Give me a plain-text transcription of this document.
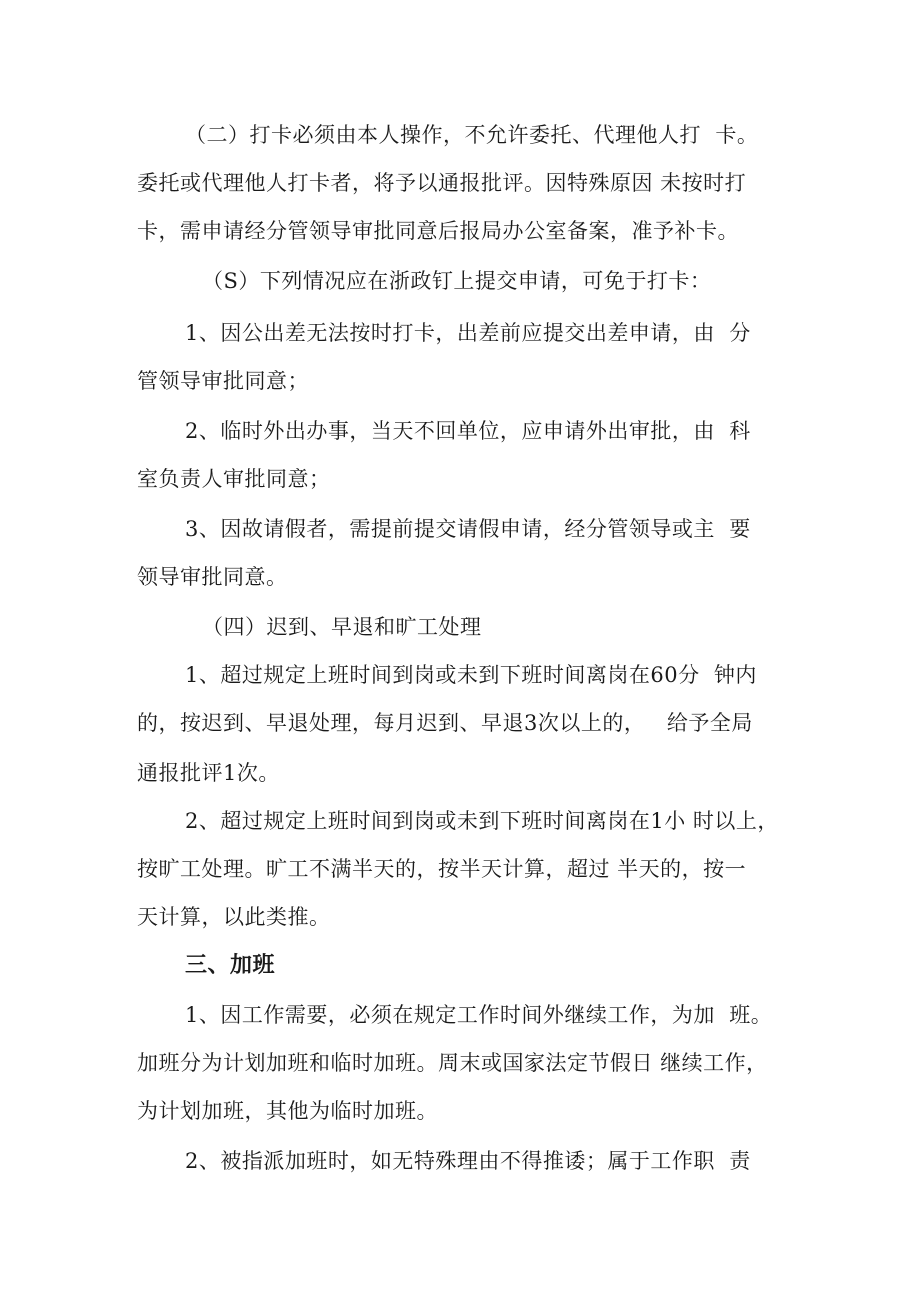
（二）打卡必须由本人操作，不允许委托、代理他人打  卡。
委托或代理他人打卡者，将予以通报批评。因特殊原因 未按时打
卡，需申请经分管领导审批同意后报局办公室备案，准予补卡。
（S）下列情况应在浙政钉上提交申请，可免于打卡：
1、因公出差无法按时打卡，出差前应提交出差申请，由  分
管领导审批同意；
2、临时外出办事，当天不回单位，应申请外出审批，由  科
室负责人审批同意；
3、因故请假者，需提前提交请假申请，经分管领导或主  要
领导审批同意。
（四）迟到、早退和旷工处理
1、超过规定上班时间到岗或未到下班时间离岗在60分  钟内
的，按迟到、早退处理，每月迟到、早退3次以上的，   给予全局
通报批评1次。
2、超过规定上班时间到岗或未到下班时间离岗在1小 时以上，
按旷工处理。旷工不满半天的，按半天计算，超过 半天的，按一
天计算，以此类推。
三、加班
1、因工作需要，必须在规定工作时间外继续工作，为加  班。
加班分为计划加班和临时加班。周末或国家法定节假日 继续工作，
为计划加班，其他为临时加班。
2、被指派加班时，如无特殊理由不得推诿；属于工作职  责
